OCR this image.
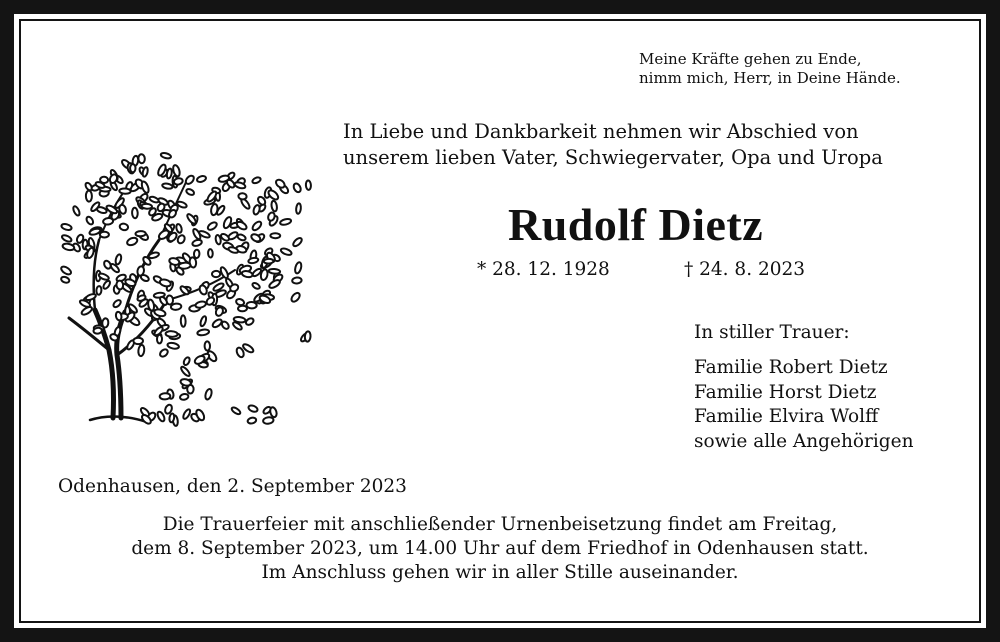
Meine Kräfte gehen zu Ende,
nimm mich, Herr, in Deine Hände.
In Liebe und Dankbarkeit nehmen wir Abschied von
unserem lieben Vater, Schwiegervater, Opa und Uropa
Rudolf Dietz
* 28. 12. 1928	† 24. 8. 2023
In stiller Trauer:
Familie Robert Dietz
Familie Horst Dietz
Familie Elvira Wolff
sowie alle Angehörigen
Odenhausen, den 2. September 2023
Die Trauerfeier mit anschließender Urnenbeisetzung findet am Freitag,
dem 8. September 2023, um 14.00 Uhr auf dem Friedhof in Odenhausen statt.
Im Anschluss gehen wir in aller Stille auseinander.
